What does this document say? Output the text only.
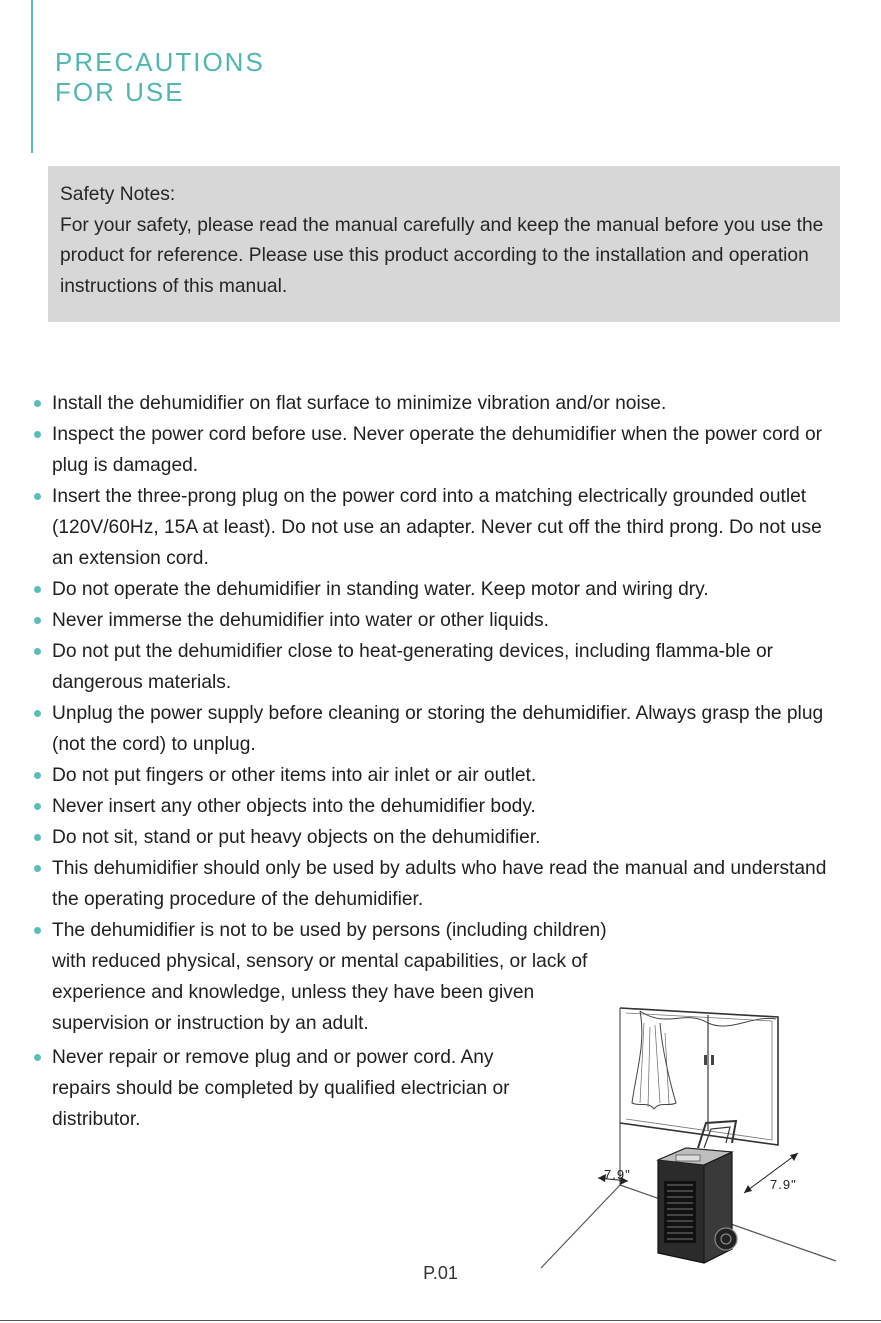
PRECAUTIONS
FOR USE

Safety Notes:

For your safety, please read the manual carefully and keep the manual before you use the product for reference. Please use this product according to the installation and operation instructions of this manual.

Install the dehumidifier on flat surface to minimize vibration and/or noise.
Inspect the power cord before use. Never operate the dehumidifier when the power cord or plug is damaged.
Insert the three-prong plug on the power cord into a matching electrically grounded outlet (120V/60Hz, 15A at least). Do not use an adapter. Never cut off the third prong. Do not use an extension cord.
Do not operate the dehumidifier in standing water. Keep motor and wiring dry.
Never immerse the dehumidifier into water or other liquids.
Do not put the dehumidifier close to heat-generating devices, including flamma-ble or dangerous materials.
Unplug the power supply before cleaning or storing the dehumidifier. Always grasp the plug (not the cord) to unplug.
Do not put fingers or other items into air inlet or air outlet.
Never insert any other objects into the dehumidifier body.
Do not sit, stand or put heavy objects on the dehumidifier.
This dehumidifier should only be used by adults who have read the manual and understand the operating procedure of the dehumidifier.
The dehumidifier is not to be used by persons (including children) with reduced physical, sensory or mental capabilities, or lack of experience and knowledge, unless they have been given supervision or instruction by an adult.
Never repair or remove plug and or power cord. Any repairs should be completed by qualified electrician or distributor.
7.9"
7.9"
P.01
